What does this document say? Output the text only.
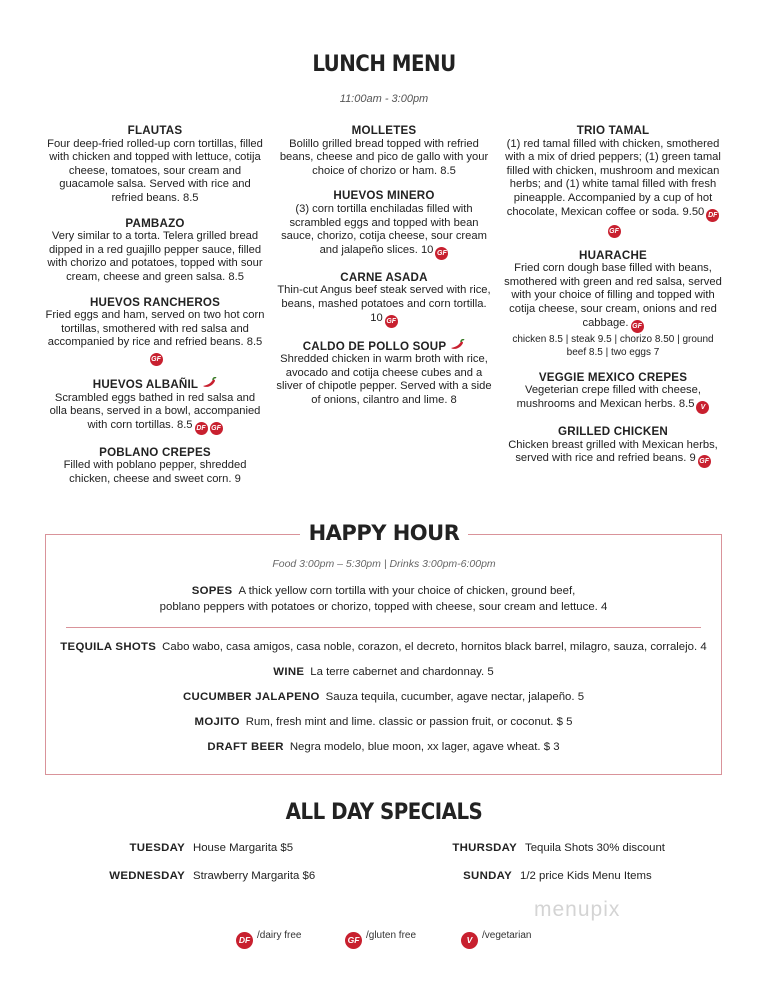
LUNCH MENU
11:00am - 3:00pm
FLAUTAS
Four deep-fried rolled-up corn tortillas, filled with chicken and topped with lettuce, cotija cheese, tomatoes, sour cream and guacamole salsa. Served with rice and refried beans. 8.5
PAMBAZO
Very similar to a torta. Telera grilled bread dipped in a red guajillo pepper sauce, filled with chorizo and potatoes, topped with sour cream, cheese and green salsa. 8.5
HUEVOS RANCHEROS
Fried eggs and ham, served on two hot corn tortillas, smothered with red salsa and accompanied by rice and refried beans. 8.5GF
HUEVOS ALBAÑIL
Scrambled eggs bathed in red salsa and olla beans, served in a bowl, accompanied with corn tortillas. 8.5 DF GF
POBLANO CREPES
Filled with poblano pepper, shredded chicken, cheese and sweet corn. 9
MOLLETES
Bolillo grilled bread topped with refried beans, cheese and pico de gallo with your choice of chorizo or ham. 8.5
HUEVOS MINERO
(3) corn tortilla enchiladas filled with scrambled eggs and topped with bean sauce, chorizo, cotija cheese, sour cream and jalapeño slices. 10 GF
CARNE ASADA
Thin-cut Angus beef steak served with rice, beans, mashed potatoes and corn tortilla. 10 GF
CALDO DE POLLO SOUP
Shredded chicken in warm broth with rice, avocado and cotija cheese cubes and a sliver of chipotle pepper. Served with a side of onions, cilantro and lime. 8
TRIO TAMAL
(1) red tamal filled with chicken, smothered with a mix of dried peppers; (1) green tamal filled with chicken, mushroom and mexican herbs; and (1) white tamal filled with fresh pineapple. Accompanied by a cup of hot chocolate, Mexican coffee or soda. 9.50 DFGF
HUARACHE
Fried corn dough base filled with beans, smothered with green and red salsa, served with your choice of filling and topped with cotija cheese, sour cream, onions and red cabbage. GF
chicken 8.5 | steak 9.5 | chorizo 8.50 | ground beef 8.5 | two eggs 7
VEGGIE MEXICO CREPES
Vegeterian crepe filled with cheese, mushrooms and Mexican herbs. 8.5 V
GRILLED CHICKEN
Chicken breast grilled with Mexican herbs, served with rice and refried beans. 9 GF
HAPPY HOUR
Food 3:00pm – 5:30pm | Drinks 3:00pm-6:00pm
SOPES A thick yellow corn tortilla with your choice of chicken, ground beef,
poblano peppers with potatoes or chorizo, topped with cheese, sour cream and lettuce. 4
TEQUILA SHOTS Cabo wabo, casa amigos, casa noble, corazon, el decreto, hornitos black barrel, milagro, sauza, corralejo. 4
WINE La terre cabernet and chardonnay. 5
CUCUMBER JALAPENO Sauza tequila, cucumber, agave nectar, jalapeño. 5
MOJITO Rum, fresh mint and lime. classic or passion fruit, or coconut. $ 5
DRAFT BEER Negra modelo, blue moon, xx lager, agave wheat. $ 3
ALL DAY SPECIALS
TUESDAY House Margarita $5
WEDNESDAY Strawberry Margarita $6
THURSDAY Tequila Shots 30% discount
SUNDAY 1/2 price Kids Menu Items
menupix
DF /dairy free	GF /gluten free	V /vegetarian
